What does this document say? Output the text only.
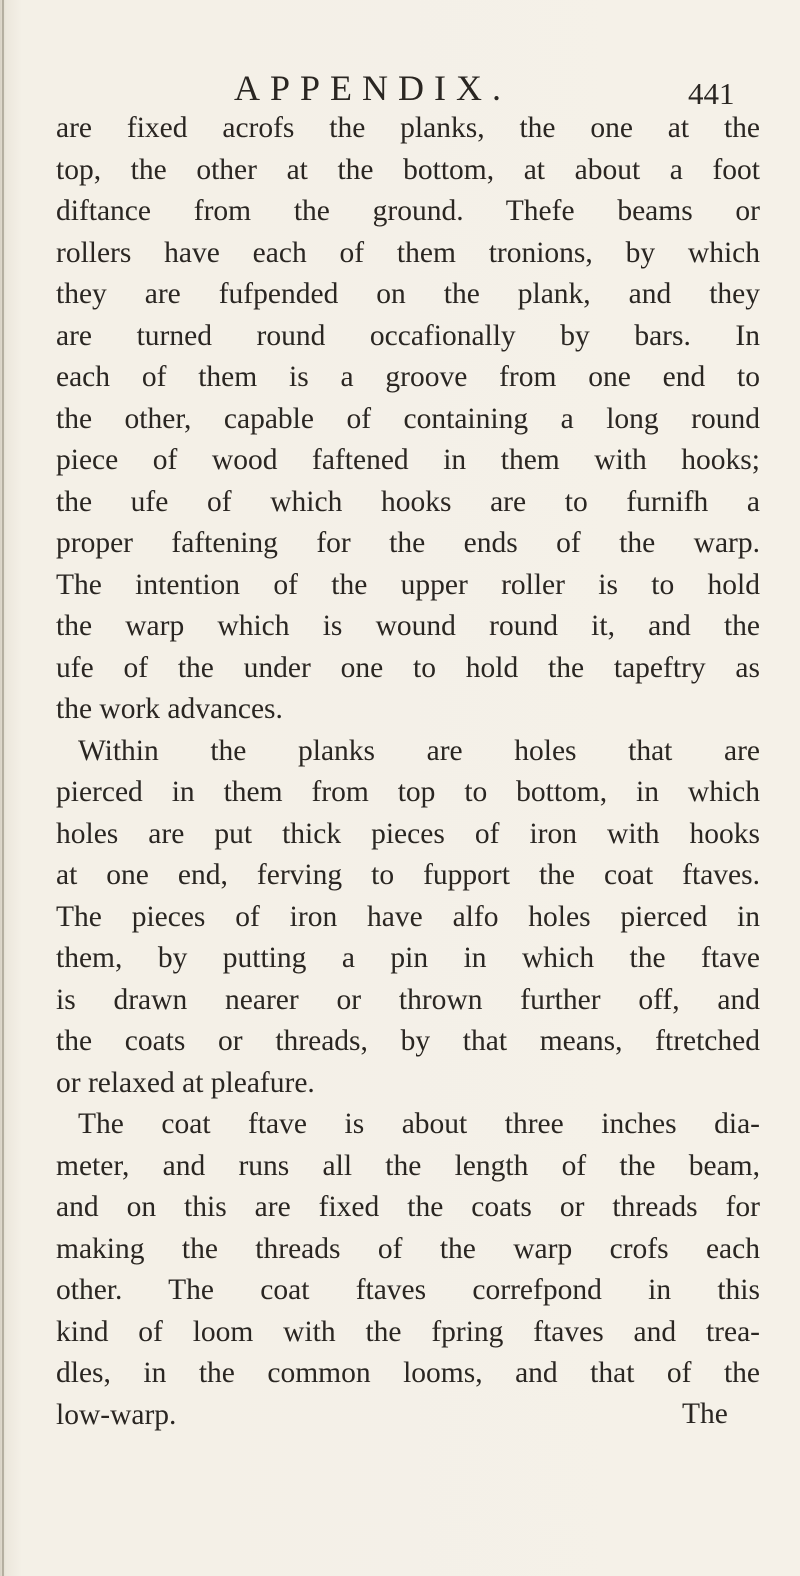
APPENDIX.	441
are fixed acrofs the planks, the one at the
top, the other at the bottom, at about a foot
diftance from the ground. Thefe beams or
rollers have each of them tronions, by which
they are fufpended on the plank, and they
are turned round occafionally by bars. In
each of them is a groove from one end to
the other, capable of containing a long round
piece of wood faftened in them with hooks;
the ufe of which hooks are to furnifh a
proper faftening for the ends of the warp.
The intention of the upper roller is to hold
the warp which is wound round it, and the
ufe of the under one to hold the tapeftry as
the work advances.
Within the planks are holes that are
pierced in them from top to bottom, in which
holes are put thick pieces of iron with hooks
at one end, ferving to fupport the coat ftaves.
The pieces of iron have alfo holes pierced in
them, by putting a pin in which the ftave
is drawn nearer or thrown further off, and
the coats or threads, by that means, ftretched
or relaxed at pleafure.
The coat ftave is about three inches dia-
meter, and runs all the length of the beam,
and on this are fixed the coats or threads for
making the threads of the warp crofs each
other. The coat ftaves correfpond in this
kind of loom with the fpring ftaves and trea-
dles, in the common looms, and that of the
low-warp.	The
